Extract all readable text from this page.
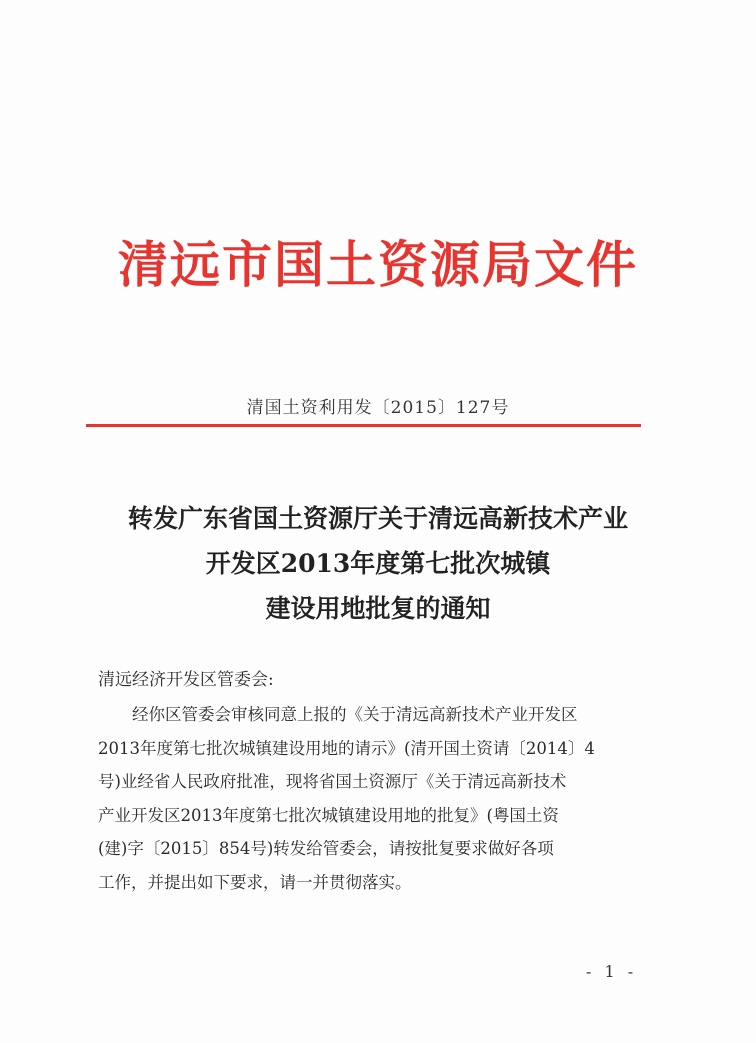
清远市国土资源局文件
清国土资利用发〔2015〕127号
转发广东省国土资源厅关于清远高新技术产业
开发区2013年度第七批次城镇
建设用地批复的通知
清远经济开发区管委会:
经你区管委会审核同意上报的《关于清远高新技术产业开发区
2013年度第七批次城镇建设用地的请示》(清开国土资请〔2014〕4
号)业经省人民政府批准，现将省国土资源厅《关于清远高新技术
产业开发区2013年度第七批次城镇建设用地的批复》(粤国土资
(建)字〔2015〕854号)转发给管委会，请按批复要求做好各项
工作，并提出如下要求，请一并贯彻落实。
- 1 -
